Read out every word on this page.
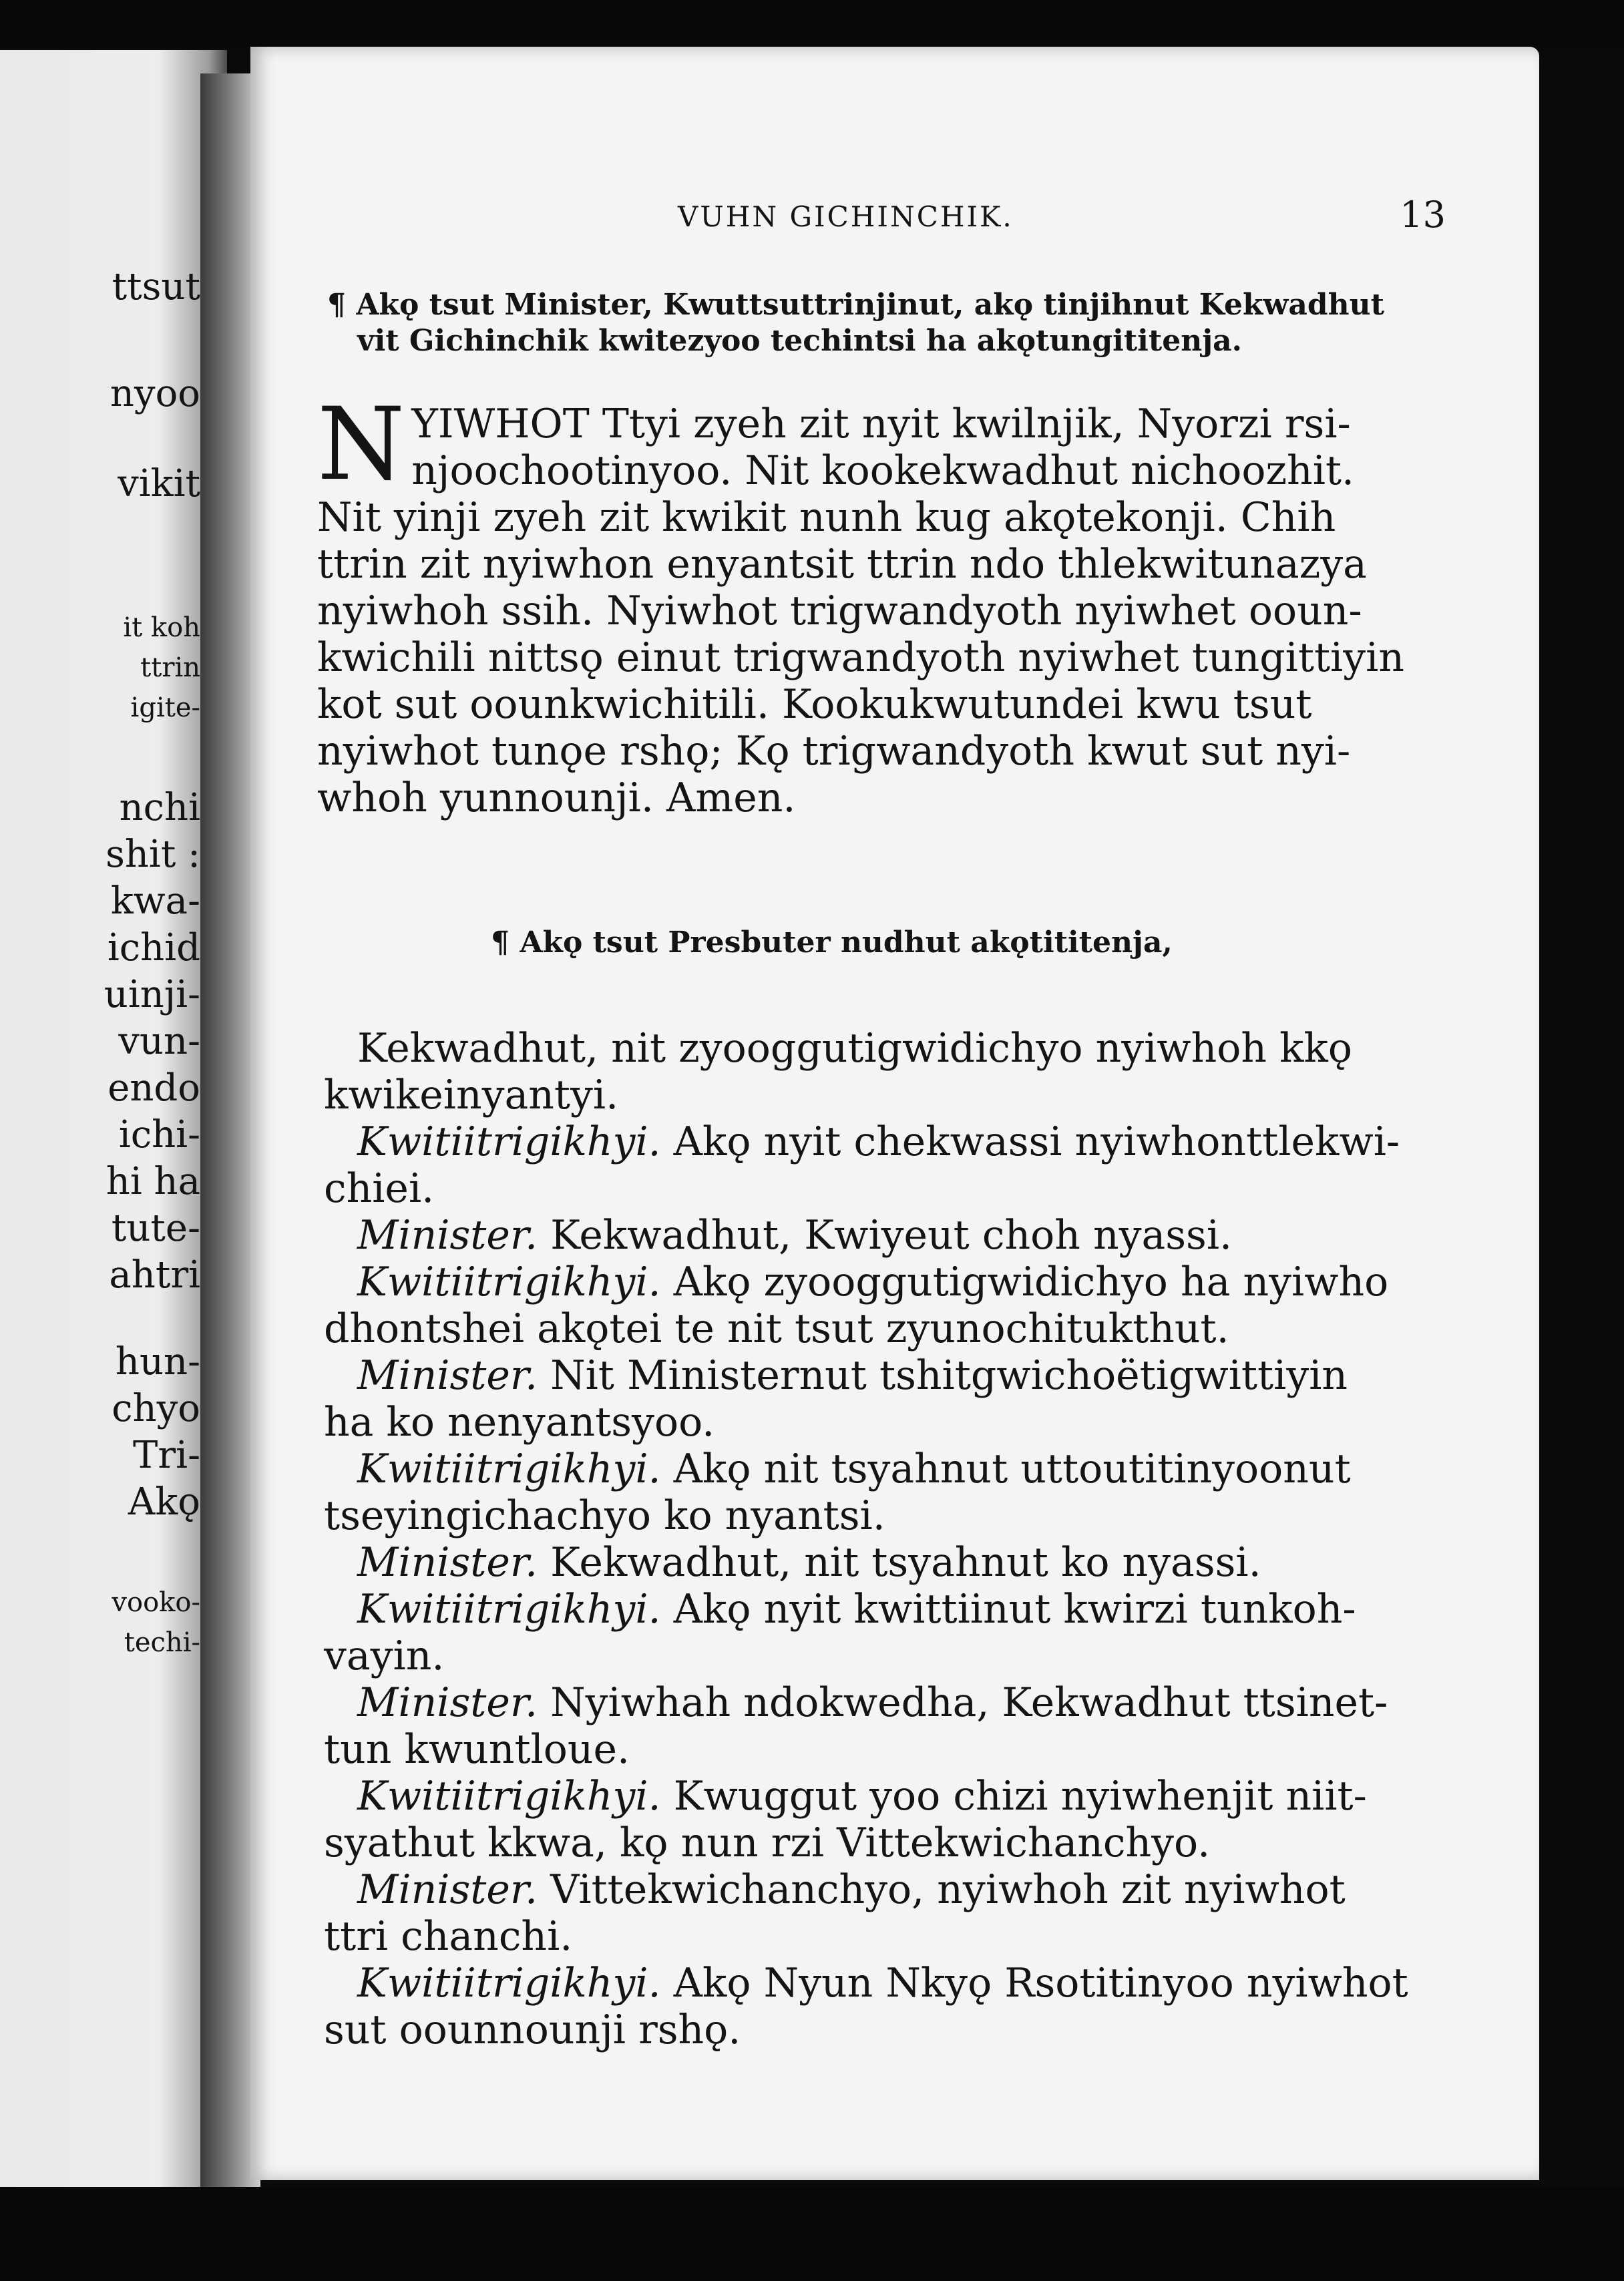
ttsut
nyoo
vikit
it koh
ttrin
igite-
nchi
shit :
kwa-
ichid
uinji-
vun-
endo
ichi-
hi ha
tute-
ahtri
hun-
chyo
Tri-
Akǫ
vooko-
techi-
VUHN GICHINCHIK.	13
¶ Akǫ tsut Minister, Kwuttsuttrinjinut, akǫ tinjihnut Kekwadhut
vit Gichinchik kwitezyoo techintsi ha akǫtungititenja.
N YIWHOT Ttyi zyeh zit nyit kwilnjik, Nyorzi rsi-
njoochootinyoo. Nit kookekwadhut nichoozhit.
Nit yinji zyeh zit kwikit nunh kug akǫtekonji. Chih
ttrin zit nyiwhon enyantsit ttrin ndo thlekwitunazya
nyiwhoh ssih. Nyiwhot trigwandyoth nyiwhet ooun-
kwichili nittsǫ einut trigwandyoth nyiwhet tungittiyin
kot sut oounkwichitili. Kookukwutundei kwu tsut
nyiwhot tunǫe rshǫ; Kǫ trigwandyoth kwut sut nyi-
whoh yunnounji. Amen.
¶ Akǫ tsut Presbuter nudhut akǫtititenja,
Kekwadhut, nit zyooggutigwidichyo nyiwhoh kkǫ
kwikeinyantyi.
Kwitiitrigikhyi. Akǫ nyit chekwassi nyiwhonttlekwi-
chiei.
Minister. Kekwadhut, Kwiyeut choh nyassi.
Kwitiitrigikhyi. Akǫ zyooggutigwidichyo ha nyiwho
dhontshei akǫtei te nit tsut zyunochitukthut.
Minister. Nit Ministernut tshitgwichoëtigwittiyin
ha ko nenyantsyoo.
Kwitiitrigikhyi. Akǫ nit tsyahnut uttoutitinyoonut
tseyingichachyo ko nyantsi.
Minister. Kekwadhut, nit tsyahnut ko nyassi.
Kwitiitrigikhyi. Akǫ nyit kwittiinut kwirzi tunkoh-
vayin.
Minister. Nyiwhah ndokwedha, Kekwadhut ttsinet-
tun kwuntloue.
Kwitiitrigikhyi. Kwuggut yoo chizi nyiwhenjit niit-
syathut kkwa, kǫ nun rzi Vittekwichanchyo.
Minister. Vittekwichanchyo, nyiwhoh zit nyiwhot
ttri chanchi.
Kwitiitrigikhyi. Akǫ Nyun Nkyǫ Rsotitinyoo nyiwhot
sut oounnounji rshǫ.
